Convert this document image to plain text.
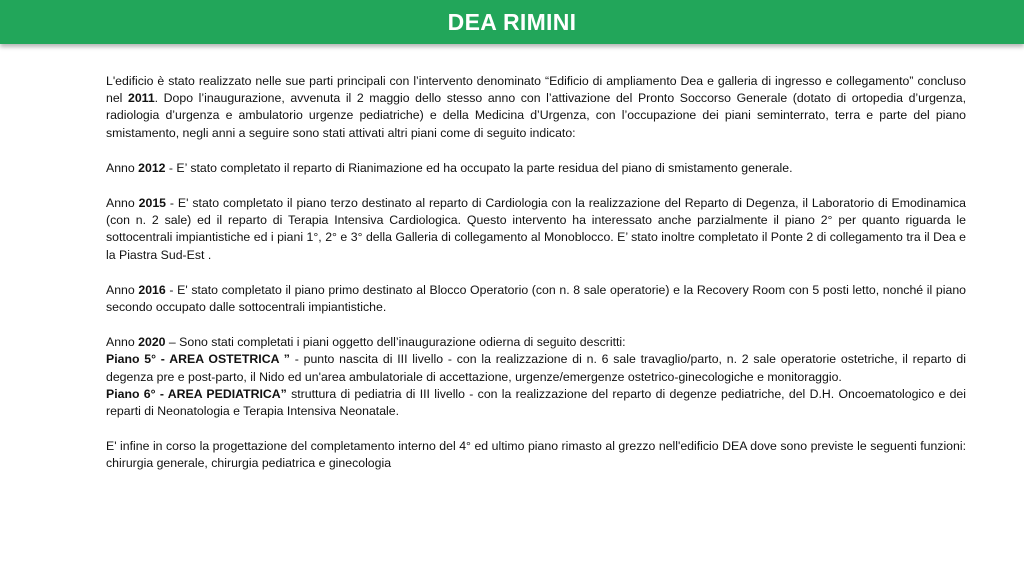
DEA RIMINI

L'edificio è stato realizzato nelle sue parti principali con l’intervento denominato “Edificio di ampliamento Dea e galleria di ingresso e collegamento” concluso nel 2011. Dopo l’inaugurazione, avvenuta il 2 maggio dello stesso anno con l’attivazione del Pronto Soccorso Generale (dotato di ortopedia d’urgenza, radiologia d’urgenza e ambulatorio urgenze pediatriche) e della Medicina d’Urgenza, con l’occupazione dei piani seminterrato, terra e parte del piano smistamento, negli anni a seguire sono stati attivati altri piani come di seguito indicato:

Anno 2012 - E’ stato completato il reparto di Rianimazione ed ha occupato la parte residua del piano di smistamento generale.

Anno 2015 - E' stato completato il piano terzo destinato al reparto di Cardiologia con la realizzazione del Reparto di Degenza, il Laboratorio di Emodinamica (con n. 2 sale) ed il reparto di Terapia Intensiva Cardiologica. Questo intervento ha interessato anche parzialmente il piano 2° per quanto riguarda le sottocentrali impiantistiche ed i piani 1°, 2° e 3° della Galleria di collegamento al Monoblocco. E’ stato inoltre completato il Ponte 2 di collegamento tra il Dea e la Piastra Sud-Est .

Anno 2016 - E' stato completato il piano primo destinato al Blocco Operatorio (con n. 8 sale operatorie) e la Recovery Room con 5 posti letto, nonché il piano secondo occupato dalle sottocentrali impiantistiche.

Anno 2020 – Sono stati completati i piani oggetto dell’inaugurazione odierna di seguito descritti:

Piano 5° - AREA OSTETRICA ” - punto nascita di III livello - con la realizzazione di n. 6 sale travaglio/parto, n. 2 sale operatorie ostetriche, il reparto di degenza pre e post-parto, il Nido ed un'area ambulatoriale di accettazione, urgenze/emergenze ostetrico-ginecologiche e monitoraggio.

Piano 6° - AREA PEDIATRICA” struttura di pediatria di III livello - con la realizzazione del reparto di degenze pediatriche, del D.H. Oncoematologico e dei reparti di Neonatologia e Terapia Intensiva Neonatale.

E' infine in corso la progettazione del completamento interno del 4° ed ultimo piano rimasto al grezzo nell'edificio DEA dove sono previste le seguenti funzioni: chirurgia generale, chirurgia pediatrica e ginecologia
